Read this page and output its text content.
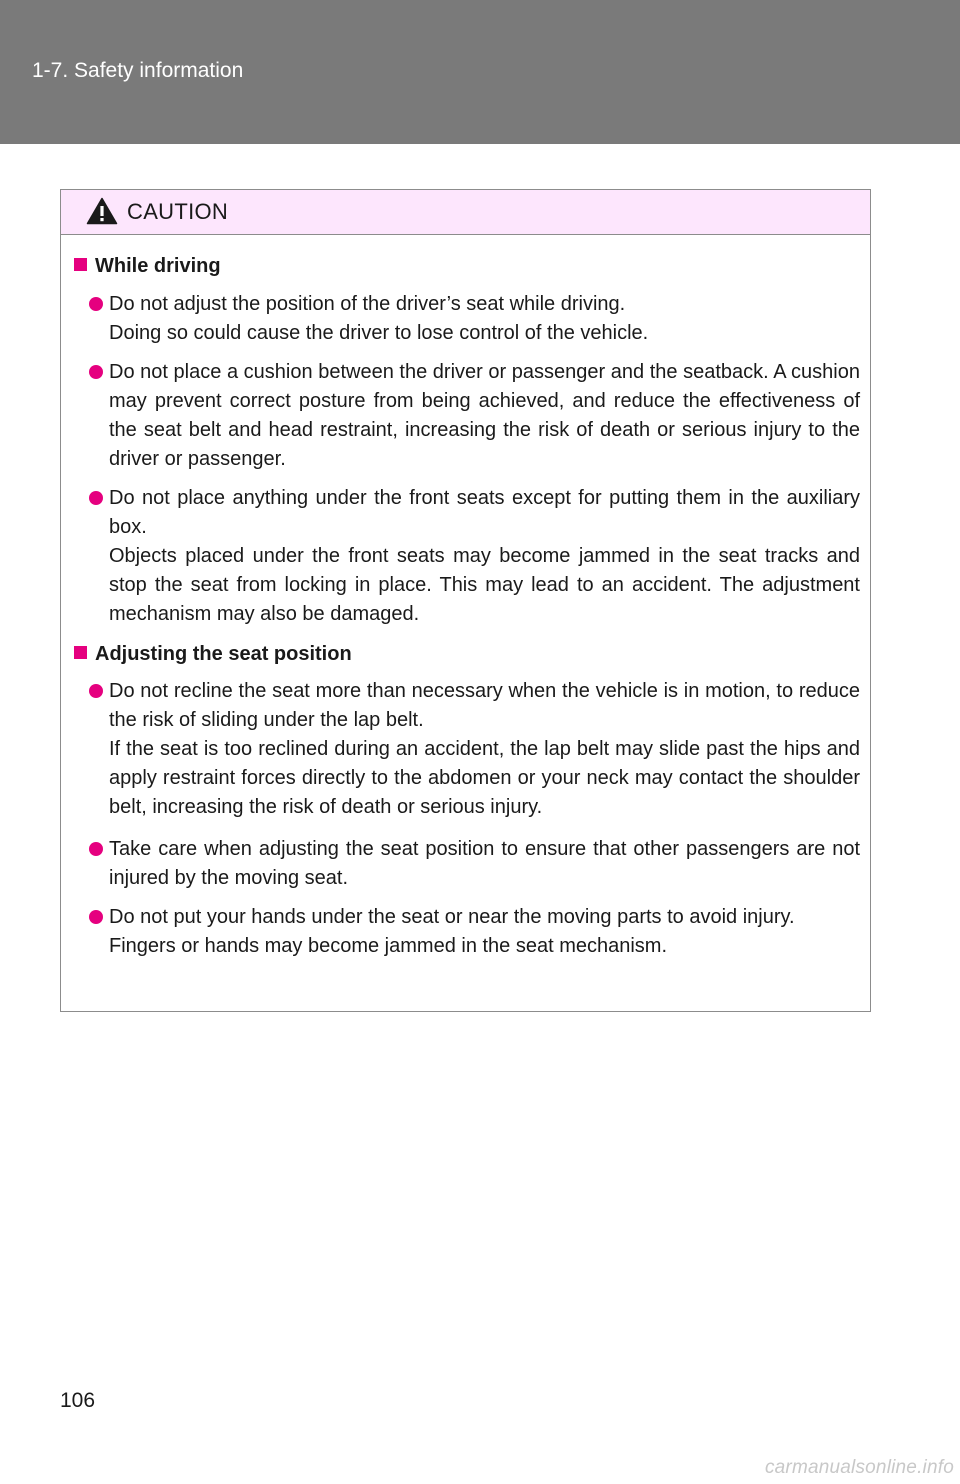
1-7. Safety information
CAUTION
While driving

Do not adjust the position of the driver’s seat while driving.

Doing so could cause the driver to lose control of the vehicle.

Do not place a cushion between the driver or passenger and the seatback. A cushion may prevent correct posture from being achieved, and reduce the effectiveness of the seat belt and head restraint, increasing the risk of death or serious injury to the driver or passenger.

Do not place anything under the front seats except for putting them in the auxiliary box.

Objects placed under the front seats may become jammed in the seat tracks and stop the seat from locking in place. This may lead to an accident. The adjustment mechanism may also be damaged.

Adjusting the seat position

Do not recline the seat more than necessary when the vehicle is in motion, to reduce the risk of sliding under the lap belt.

If the seat is too reclined during an accident, the lap belt may slide past the hips and apply restraint forces directly to the abdomen or your neck may contact the shoulder belt, increasing the risk of death or serious injury.

Take care when adjusting the seat position to ensure that other passengers are not injured by the moving seat.

Do not put your hands under the seat or near the moving parts to avoid injury.

Fingers or hands may become jammed in the seat mechanism.

106
carmanualsonline.info
